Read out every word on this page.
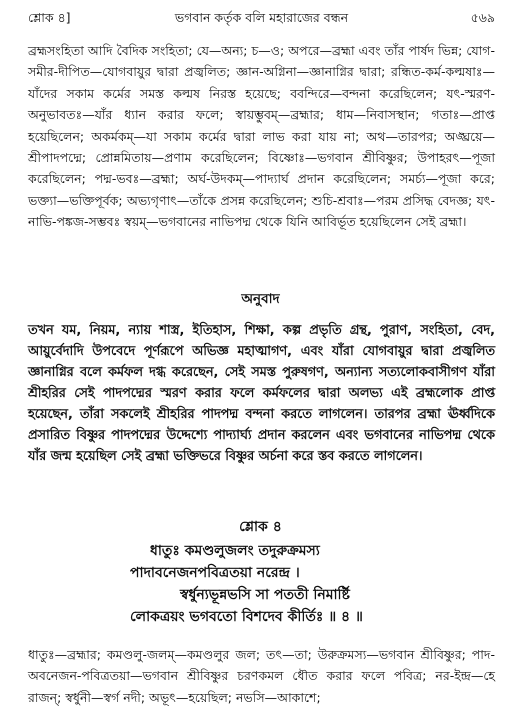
শ্লোক ৪]	ভগবান কর্তৃক বলি মহারাজের বন্ধন	৫৬৯

ব্রহ্মসংহিতা আদি বৈদিক সংহিতা; যে—অন্য; চ—ও; অপরে—ব্রহ্মা এবং তাঁর পার্ষদ ভিন্ন; যোগ-সমীর-দীপিত—যোগবায়ুর দ্বারা প্রজ্বলিত; জ্ঞান-অগ্নিনা—জ্ঞানাগ্নির দ্বারা; রন্ধিত-কর্ম-কল্মষাঃ—যাঁদের সকাম কর্মের সমস্ত কল্মষ নিরস্ত হয়েছে; ববন্দিরে—বন্দনা করেছিলেন; যৎ-স্মরণ-অনুভাবতঃ—যাঁর ধ্যান করার ফলে; স্বায়ম্ভুবম্—ব্রহ্মার; ধাম—নিবাসস্থান; গতাঃ—প্রাপ্ত হয়েছিলেন; অকর্মকম্—যা সকাম কর্মের দ্বারা লাভ করা যায় না; অথ—তারপর; অঙ্ঘ্রয়ে—শ্রীপাদপদ্মে; প্রোন্নমিতায়—প্রণাম করেছিলেন; বিষ্ণোঃ—ভগবান শ্রীবিষ্ণুর; উপাহরৎ—পূজা করেছিলেন; পদ্ম-ভবঃ—ব্রহ্মা; অর্ঘ-উদকম্—পাদ্যার্ঘ প্রদান করেছিলেন; সমর্চ্য—পূজা করে; ভক্ত্যা—ভক্তিপূর্বক; অভ্যগৃণাৎ—তাঁকে প্রসন্ন করেছিলেন; শুচি-শ্রবাঃ—পরম প্রসিদ্ধ বেদজ্ঞ; যৎ-নাভি-পঙ্কজ-সম্ভবঃ স্বয়ম্—ভগবানের নাভিপদ্ম থেকে যিনি আবির্ভূত হয়েছিলেন সেই ব্রহ্মা।

অনুবাদ

তখন যম, নিয়ম, ন্যায় শাস্ত্র, ইতিহাস, শিক্ষা, কল্প প্রভৃতি গ্রন্থ, পুরাণ, সংহিতা, বেদ, আয়ুর্বেদাদি উপবেদে পূর্ণরূপে অভিজ্ঞ মহাত্মাগণ, এবং যাঁরা যোগবায়ুর দ্বারা প্রজ্বলিত জ্ঞানাগ্নির বলে কর্মফল দগ্ধ করেছেন, সেই সমস্ত পুরুষগণ, অন্যান্য সত্যলোকবাসীগণ যাঁরা শ্রীহরির সেই পাদপদ্মের স্মরণ করার ফলে কর্মফলের দ্বারা অলভ্য এই ব্রহ্মলোক প্রাপ্ত হয়েছেন, তাঁরা সকলেই শ্রীহরির পাদপদ্ম বন্দনা করতে লাগলেন। তারপর ব্রহ্মা ঊর্ধ্বদিকে প্রসারিত বিষ্ণুর পাদপদ্মের উদ্দেশ্যে পাদ্যার্ঘ্য প্রদান করলেন এবং ভগবানের নাভিপদ্ম থেকে যাঁর জন্ম হয়েছিল সেই ব্রহ্মা ভক্তিভরে বিষ্ণুর অর্চনা করে স্তব করতে লাগলেন।

শ্লোক ৪
ধাতুঃ কমণ্ডলুজলং তদুরুক্রমস্য
পাদাবনেজনপবিত্রতয়া নরেন্দ্র ।
স্বর্ধুন্যভূন্নভসি সা পততী নিমার্ষ্টি
লোকত্রয়ং ভগবতো বিশদেব কীর্তিঃ ॥ ৪ ॥

ধাতুঃ—ব্রহ্মার; কমণ্ডলু-জলম্—কমণ্ডলুর জল; তৎ—তা; উরুক্রমস্য—ভগবান শ্রীবিষ্ণুর; পাদ-অবনেজন-পবিত্রতয়া—ভগবান শ্রীবিষ্ণুর চরণকমল ধৌত করার ফলে পবিত্র; নর-ইন্দ্র—হে রাজন্; স্বর্ধুনী—স্বর্গ নদী; অভূৎ—হয়েছিল; নভসি—আকাশে;
